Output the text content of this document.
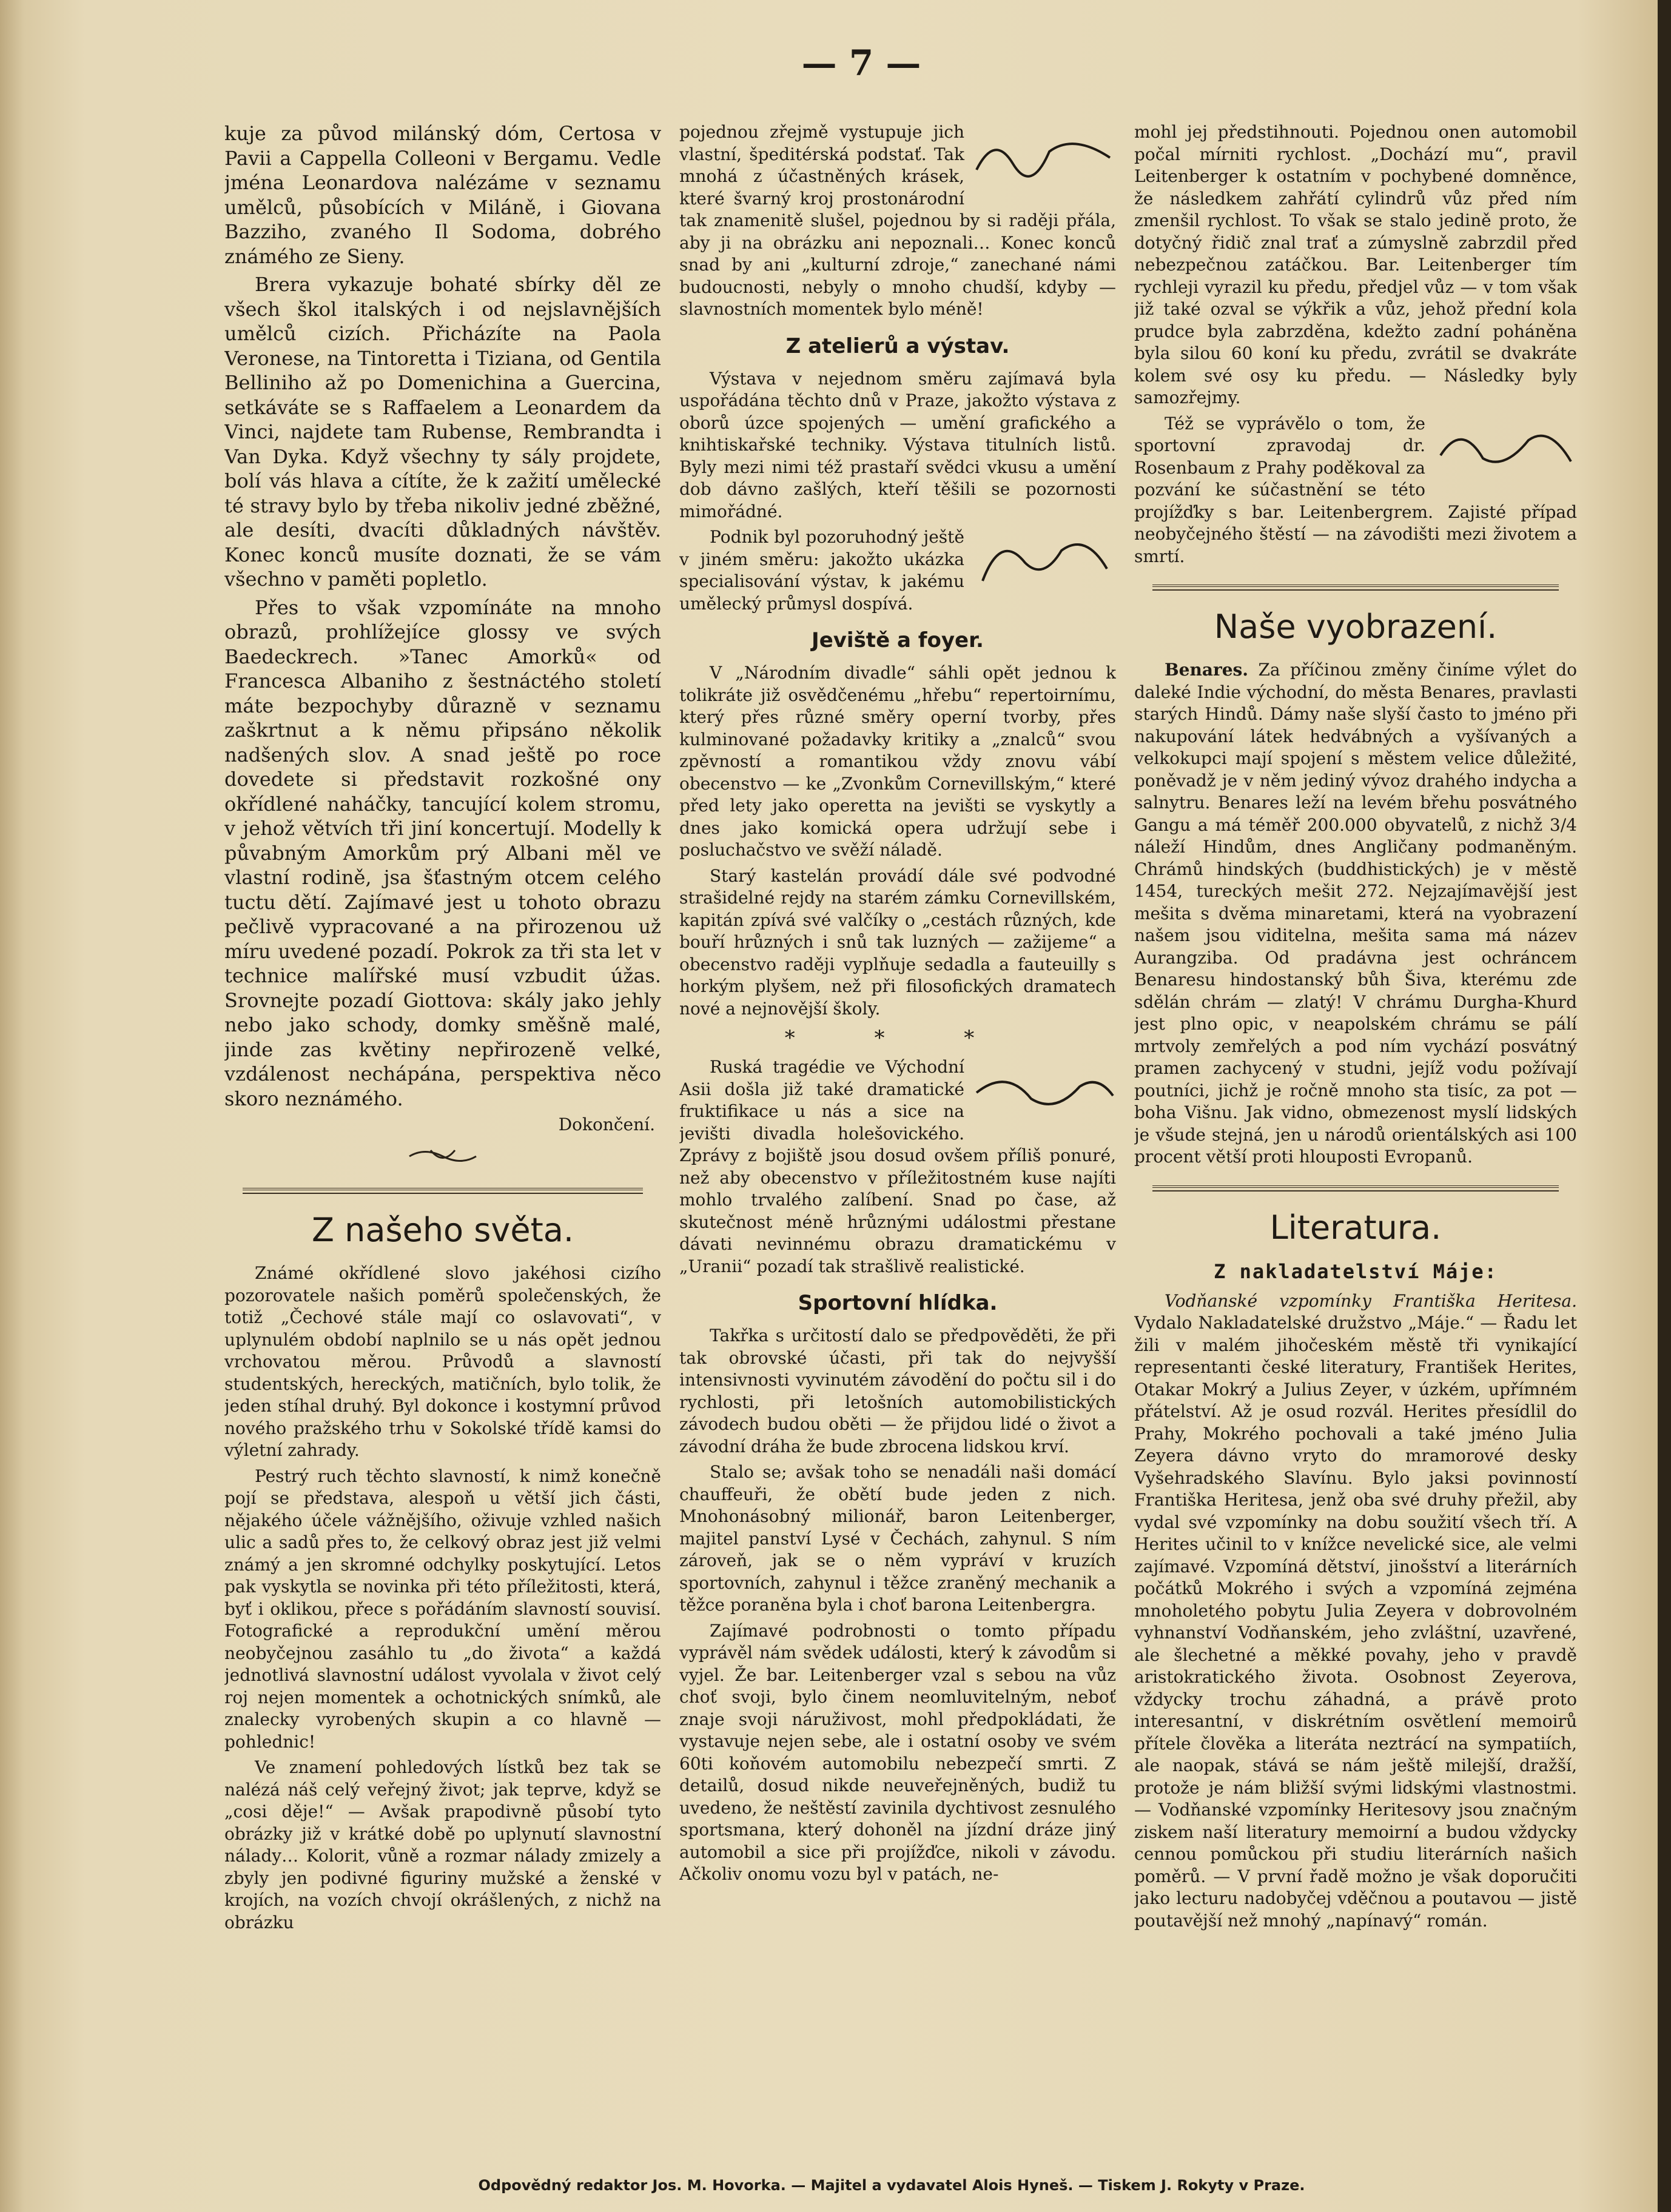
— 7 —

kuje za původ milánský dóm, Certosa v Pavii a Cappella Colleoni v Bergamu. Vedle jména Leonardova nalézáme v seznamu umělců, působících v Miláně, i Giovana Bazziho, zvaného Il Sodoma, dobrého známého ze Sieny.

Brera vykazuje bohaté sbírky děl ze všech škol italských i od nejslavnějších umělců cizích. Přicházíte na Paola Veronese, na Tintoretta i Tiziana, od Gentila Belliniho až po Domenichina a Guercina, setkáváte se s Raffaelem a Leonardem da Vinci, najdete tam Rubense, Rembrandta i Van Dyka. Když všechny ty sály projdete, bolí vás hlava a cítíte, že k zažití umělecké té stravy bylo by třeba nikoliv jedné zběžné, ale desíti, dvacíti důkladných návštěv. Konec konců musíte doznati, že se vám všechno v paměti popletlo.

Přes to však vzpomínáte na mnoho obrazů, prohlížejíce glossy ve svých Baedeckrech. »Tanec Amorků« od Francesca Albaniho z šestnáctého století máte bezpochyby důrazně v seznamu zaškrtnut a k němu připsáno několik nadšených slov. A snad ještě po roce dovedete si představit rozkošné ony okřídlené naháčky, tancující kolem stromu, v jehož větvích tři jiní koncertují. Modelly k půvabným Amorkům prý Albani měl ve vlastní rodině, jsa šťastným otcem celého tuctu dětí. Zajímavé jest u tohoto obrazu pečlivě vypracované a na přirozenou už míru uvedené pozadí. Pokrok za tři sta let v technice malířské musí vzbudit úžas. Srovnejte pozadí Giottova: skály jako jehly nebo jako schody, domky směšně malé, jinde zas květiny nepřirozeně velké, vzdálenost nechápána, perspektiva něco skoro neznámého.

Dokončení.
Z našeho světa.

Známé okřídlené slovo jakéhosi cizího pozorovatele našich poměrů společenských, že totiž „Čechové stále mají co oslavovati“, v uplynulém období naplnilo se u nás opět jednou vrchovatou měrou. Průvodů a slavností studentských, hereckých, matičních, bylo tolik, že jeden stíhal druhý. Byl dokonce i kostymní průvod nového pražského trhu v Sokolské třídě kamsi do výletní zahrady.

Pestrý ruch těchto slavností, k nimž konečně pojí se představa, alespoň u větší jich části, nějakého účele vážnějšího, oživuje vzhled našich ulic a sadů přes to, že celkový obraz jest již velmi známý a jen skromné odchylky poskytující. Letos pak vyskytla se novinka při této příležitosti, která, byť i oklikou, přece s pořádáním slavností souvisí. Fotografické a reprodukční umění měrou neobyčejnou zasáhlo tu „do života“ a každá jednotlivá slavnostní událost vyvolala v život celý roj nejen momentek a ochotnických snímků, ale znalecky vyrobených skupin a co hlavně — pohlednic!

Ve znamení pohledových lístků bez tak se nalézá náš celý veřejný život; jak teprve, když se „cosi děje!“ — Avšak prapodivně působí tyto obrázky již v krátké době po uplynutí slavnostní nálady… Kolorit, vůně a rozmar nálady zmizely a zbyly jen podivné figuriny mužské a ženské v krojích, na vozích chvojí okrášlených, z nichž na obrázku

pojednou zřejmě vystupuje jich vlastní, špeditérská podstať. Tak mnohá z účastněných krásek, které švarný kroj prostonárodní tak znamenitě slušel, pojednou by si raději přála, aby ji na obrázku ani nepoznali… Konec konců snad by ani „kulturní zdroje,“ zanechané námi budoucnosti, nebyly o mnoho chudší, kdyby — slavnostních momentek bylo méně!

Z atelierů a výstav.

Výstava v nejednom směru zajímavá byla uspořádána těchto dnů v Praze, jakožto výstava z oborů úzce spojených — umění grafického a knihtiskařské techniky. Výstava titulních listů. Byly mezi nimi též prastaří svědci vkusu a umění dob dávno zašlých, kteří těšili se pozornosti mimořádné.

Podnik byl pozoruhodný ještě v jiném směru: jakožto ukázka specialisování výstav, k jakému umělecký průmysl dospívá.

Jeviště a foyer.

V „Národním divadle“ sáhli opět jednou k tolikráte již osvědčenému „hřebu“ repertoirnímu, který přes různé směry operní tvorby, přes kulminované požadavky kritiky a „znalců“ svou zpěvností a romantikou vždy znovu vábí obecenstvo — ke „Zvonkům Cornevillským,“ které před lety jako operetta na jevišti se vyskytly a dnes jako komická opera udržují sebe i posluchačstvo ve svěží náladě.

Starý kastelán provádí dále své podvodné strašidelné rejdy na starém zámku Cornevillském, kapitán zpívá své valčíky o „cestách různých, kde bouří hrůzných i snů tak luzných — zažijeme“ a obecenstvo raději vyplňuje sedadla a fauteuilly s horkým plyšem, než při filosofických dramatech nové a nejnovější školy.

* * *

Ruská tragédie ve Východní Asii došla již také dramatické fruktifikace u nás a sice na jevišti divadla holešovického. Zprávy z bojiště jsou dosud ovšem příliš ponuré, než aby obecenstvo v příležitostném kuse najíti mohlo trvalého zalíbení. Snad po čase, až skutečnost méně hrůznými událostmi přestane dávati nevinnému obrazu dramatickému v „Uranii“ pozadí tak strašlivě realistické.

Sportovní hlídka.

Takřka s určitostí dalo se předpověděti, že při tak obrovské účasti, při tak do nejvyšší intensivnosti vyvinutém závodění do počtu sil i do rychlosti, při letošních automobilistických závodech budou oběti — že přijdou lidé o život a závodní dráha že bude zbrocena lidskou krví.

Stalo se; avšak toho se nenadáli naši domácí chauffeuři, že obětí bude jeden z nich. Mnohonásobný milionář, baron Leitenberger, majitel panství Lysé v Čechách, zahynul. S ním zároveň, jak se o něm vypráví v kruzích sportovních, zahynul i těžce zraněný mechanik a těžce poraněna byla i choť barona Leitenbergra.

Zajímavé podrobnosti o tomto případu vyprávěl nám svědek události, který k závodům si vyjel. Že bar. Leitenberger vzal s sebou na vůz choť svoji, bylo činem neomluvitelným, neboť znaje svoji náruživost, mohl předpokládati, že vystavuje nejen sebe, ale i ostatní osoby ve svém 60ti koňovém automobilu nebezpečí smrti. Z detailů, dosud nikde neuveřejněných, budiž tu uvedeno, že neštěstí zavinila dychtivost zesnulého sportsmana, který dohoněl na jízdní dráze jiný automobil a sice při projížďce, nikoli v závodu. Ačkoliv onomu vozu byl v patách, ne-

mohl jej předstihnouti. Pojednou onen automobil počal mírniti rychlost. „Dochází mu“, pravil Leitenberger k ostatním v pochybené domněnce, že následkem zahřátí cylindrů vůz před ním zmenšil rychlost. To však se stalo jedině proto, že dotyčný řidič znal trať a zúmyslně zabrzdil před nebezpečnou zatáčkou. Bar. Leitenberger tím rychleji vyrazil ku předu, předjel vůz — v tom však již také ozval se výkřik a vůz, jehož přední kola prudce byla zabrzděna, kdežto zadní poháněna byla silou 60 koní ku předu, zvrátil se dvakráte kolem své osy ku předu. — Následky byly samozřejmy.

Též se vyprávělo o tom, že sportovní zpravodaj dr. Rosenbaum z Prahy poděkoval za pozvání ke súčastnění se této projížďky s bar. Leitenbergrem. Zajisté případ neobyčejného štěstí — na závodišti mezi životem a smrtí.

Naše vyobrazení.

Benares. Za příčinou změny činíme výlet do daleké Indie východní, do města Benares, pravlasti starých Hindů. Dámy naše slyší často to jméno při nakupování látek hedvábných a vyšívaných a velkokupci mají spojení s městem velice důležité, poněvadž je v něm jediný vývoz drahého indycha a salnytru. Benares leží na levém břehu posvátného Gangu a má téměř 200.000 obyvatelů, z nichž 3/4 náleží Hindům, dnes Angličany podmaněným. Chrámů hindských (buddhistických) je v městě 1454, tureckých mešit 272. Nejzajímavější jest mešita s dvěma minaretami, která na vyobrazení našem jsou viditelna, mešita sama má název Aurangziba. Od pradávna jest ochráncem Benaresu hindostanský bůh Šiva, kterému zde sdělán chrám — zlatý! V chrámu Durgha-Khurd jest plno opic, v neapolském chrámu se pálí mrtvoly zemřelých a pod ním vychází posvátný pramen zachycený v studni, jejíž vodu požívají poutníci, jichž je ročně mnoho sta tisíc, za pot — boha Višnu. Jak vidno, obmezenost myslí lidských je všude stejná, jen u národů orientálských asi 100 procent větší proti hlouposti Evropanů.

Literatura.
Z nakladatelství Máje:

Vodňanské vzpomínky Františka Heritesa. Vydalo Nakladatelské družstvo „Máje.“ — Řadu let žili v malém jihočeském městě tři vynikající representanti české literatury, František Herites, Otakar Mokrý a Julius Zeyer, v úzkém, upřímném přátelství. Až je osud rozvál. Herites přesídlil do Prahy, Mokrého pochovali a také jméno Julia Zeyera dávno vryto do mramorové desky Vyšehradského Slavínu. Bylo jaksi povinností Františka Heritesa, jenž oba své druhy přežil, aby vydal své vzpomínky na dobu soužití všech tří. A Herites učinil to v knížce nevelické sice, ale velmi zajímavé. Vzpomíná dětství, jinošství a literárních počátků Mokrého i svých a vzpomíná zejména mnoholetého pobytu Julia Zeyera v dobrovolném vyhnanství Vodňanském, jeho zvláštní, uzavřené, ale šlechetné a měkké povahy, jeho v pravdě aristokratického života. Osobnost Zeyerova, vždycky trochu záhadná, a právě proto interesantní, v diskrétním osvětlení memoirů přítele člověka a literáta neztrácí na sympatiích, ale naopak, stává se nám ještě milejší, dražší, protože je nám bližší svými lidskými vlastnostmi. — Vodňanské vzpomínky Heritesovy jsou značným ziskem naší literatury memoirní a budou vždycky cennou pomůckou při studiu literárních našich poměrů. — V první řadě možno je však doporučiti jako lecturu nadobyčej vděčnou a poutavou — jistě poutavější než mnohý „napínavý“ román.

Odpovědný redaktor Jos. M. Hovorka. — Majitel a vydavatel Alois Hyneš. — Tiskem J. Rokyty v Praze.
